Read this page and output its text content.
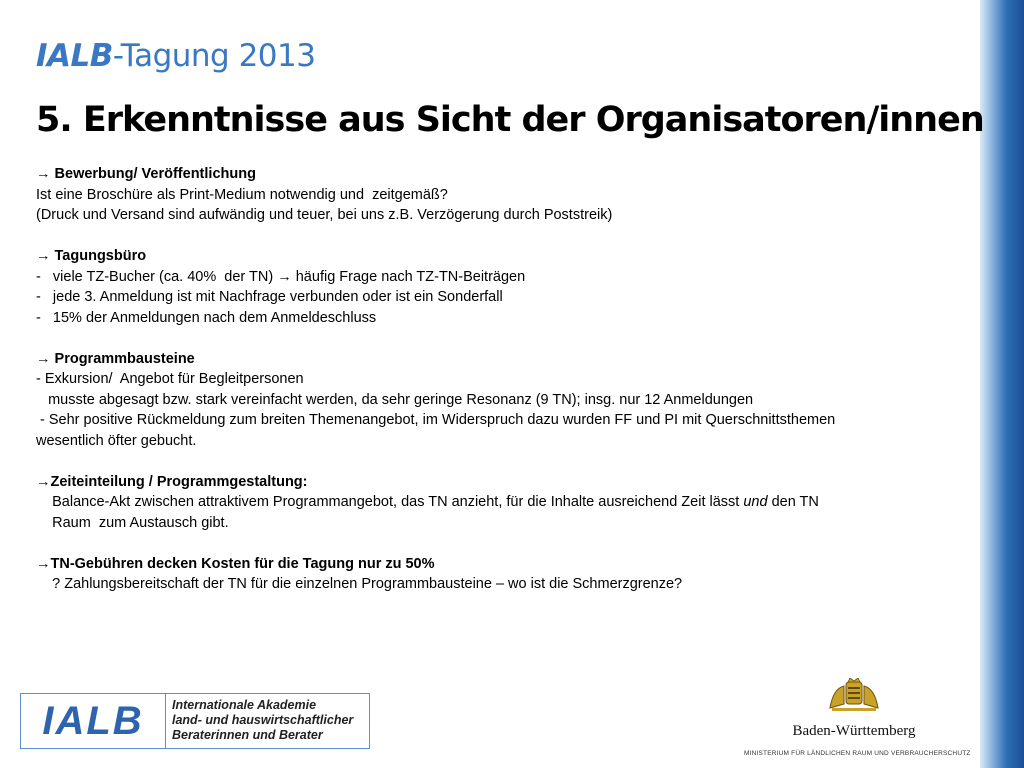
IALB-Tagung 2013
5. Erkenntnisse aus Sicht der Organisatoren/innen
→ Bewerbung/ Veröffentlichung
Ist eine Broschüre als Print-Medium notwendig und  zeitgemäß?
(Druck und Versand sind aufwändig und teuer, bei uns z.B. Verzögerung durch Poststreik)
→ Tagungsbüro
-   viele TZ-Bucher (ca. 40%  der TN) → häufig Frage nach TZ-TN-Beiträgen
-   jede 3. Anmeldung ist mit Nachfrage verbunden oder ist ein Sonderfall
-   15% der Anmeldungen nach dem Anmeldeschluss
→ Programmbausteine
- Exkursion/  Angebot für Begleitpersonen
musste abgesagt bzw. stark vereinfacht werden, da sehr geringe Resonanz (9 TN); insg. nur 12 Anmeldungen
- Sehr positive Rückmeldung zum breiten Themenangebot, im Widerspruch dazu wurden FF und PI mit Querschnittsthemen
wesentlich öfter gebucht.
→Zeiteinteilung / Programmgestaltung:
Balance-Akt zwischen attraktivem Programmangebot, das TN anzieht, für die Inhalte ausreichend Zeit lässt und den TN
Raum  zum Austausch gibt.
→TN-Gebühren decken Kosten für die Tagung nur zu 50%
? Zahlungsbereitschaft der TN für die einzelnen Programmbausteine – wo ist die Schmerzgrenze?
IALB	Internationale Akademie
land- und hauswirtschaftlicher
Beraterinnen und Berater	Baden-Württemberg
MINISTERIUM FÜR LÄNDLICHEN RAUM UND VERBRAUCHERSCHUTZ
